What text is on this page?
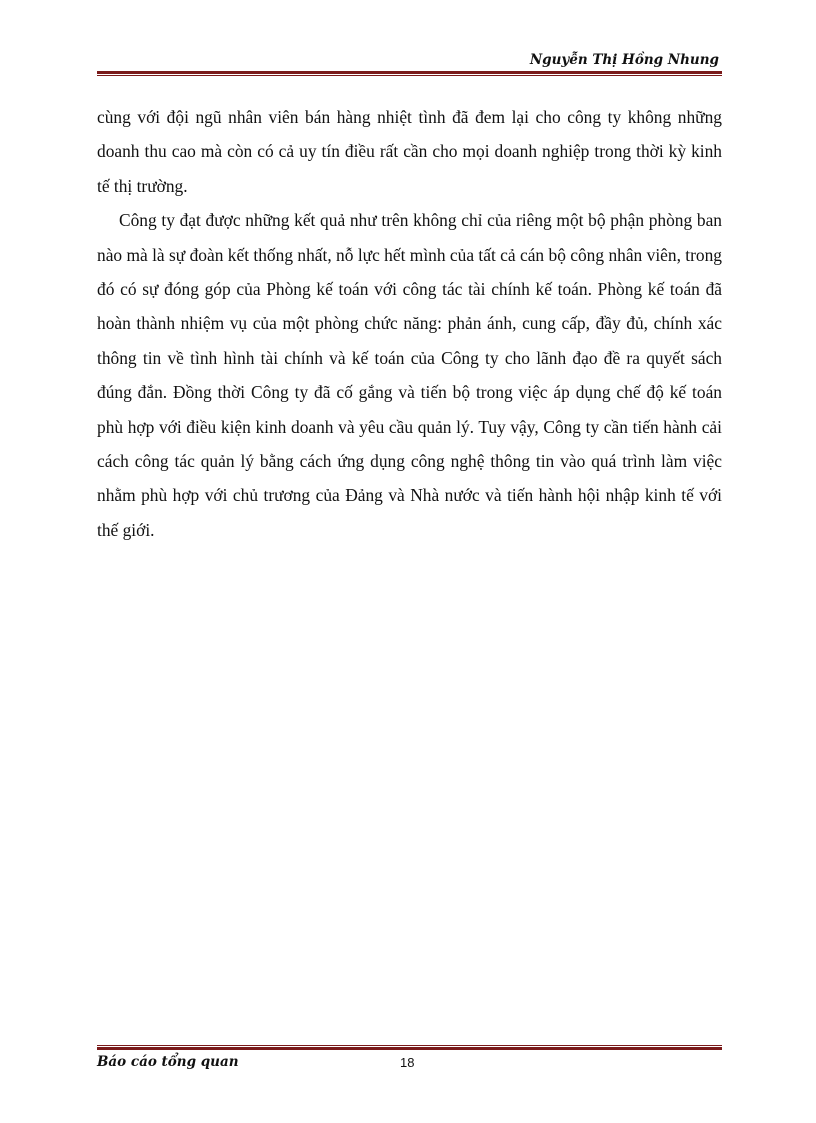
Nguyễn Thị Hồng Nhung

cùng với đội ngũ nhân viên bán hàng nhiệt tình đã đem lại cho công ty không những doanh thu cao mà còn có cả uy tín điều rất cần cho mọi doanh nghiệp trong thời kỳ kinh tế thị trường.

Công ty đạt được những kết quả như trên không chỉ của riêng một bộ phận phòng ban nào mà là sự đoàn kết thống nhất, nỗ lực hết mình của tất cả cán bộ công nhân viên, trong đó có sự đóng góp của Phòng kế toán với công tác tài chính kế toán. Phòng kế toán đã hoàn thành nhiệm vụ của một phòng chức năng: phản ánh, cung cấp, đầy đủ, chính xác thông tin về tình hình tài chính và kế toán của Công ty cho lãnh đạo đề ra quyết sách đúng đắn. Đồng thời Công ty đã cố gắng và tiến bộ trong việc áp dụng chế độ kế toán phù hợp với điều kiện kinh doanh và yêu cầu quản lý. Tuy vậy, Công ty cần tiến hành cải cách công tác quản lý bằng cách ứng dụng công nghệ thông tin vào quá trình làm việc nhằm phù hợp với chủ trương của Đảng và Nhà nước và tiến hành hội nhập kinh tế với thế giới.

Báo cáo tổng quan	18
